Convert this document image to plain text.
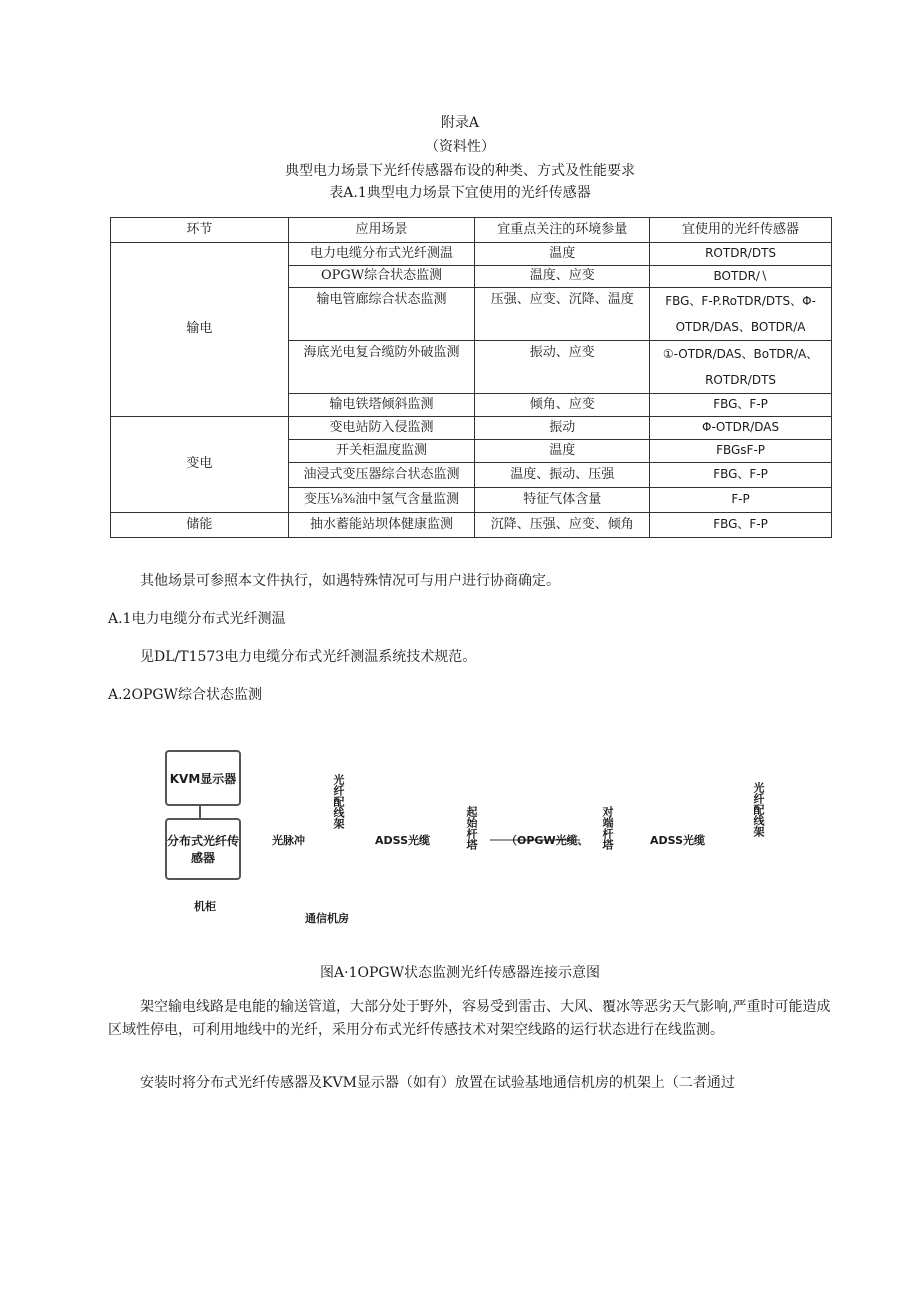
附录A
（资料性）
典型电力场景下光纤传感器布设的种类、方式及性能要求
表A.1典型电力场景下宜使用的光纤传感器
环节	应用场景	宜重点关注的环境参量	宜使用的光纤传感器
输电	电力电缆分布式光纤测温	温度	ROTDR/DTS
	OPGW综合状态监测	温度、应变	BOTDR∕∖
	输电管廊综合状态监测	压强、应变、沉降、温度	FBG、F-P.RoTDR/DTS、Φ-OTDR/DAS、BOTDR/A
	海底光电复合缆防外破监测	振动、应变	①-OTDR/DAS、BoTDR/A、ROTDR/DTS
	输电铁塔倾斜监测	倾角、应变	FBG、F-P
变电	变电站防入侵监测	振动	Φ-OTDR/DAS
	开关柜温度监测	温度	FBGsF-P
	油浸式变压器综合状态监测	温度、振动、压强	FBG、F-P
	变压⅛⅜油中氢气含量监测	特征气体含量	F-P
储能	抽水蓄能站坝体健康监测	沉降、压强、应变、倾角	FBG、F-P
其他场景可参照本文件执行，如遇特殊情况可与用户进行协商确定。
A.1电力电缆分布式光纤测温
见DL/T1573电力电缆分布式光纤测温系统技术规范。
A.2OPGW综合状态监测
KVM显示器
分布式光纤传感器
光脉冲
机柜
通信机房
光纤配线架
ADSS光缆	起始杆塔	（OPGW光缆、 对端杆塔	ADSS光缆
光纤配线架
图A·1OPGW状态监测光纤传感器连接示意图
架空输电线路是电能的输送管道，大部分处于野外，容易受到雷击、大风、覆冰等恶劣天气影响,严重时可能造成区域性停电，可利用地线中的光纤，采用分布式光纤传感技术对架空线路的运行状态进行在线监测。
安装时将分布式光纤传感器及KVM显示器（如有）放置在试验基地通信机房的机架上（二者通过
